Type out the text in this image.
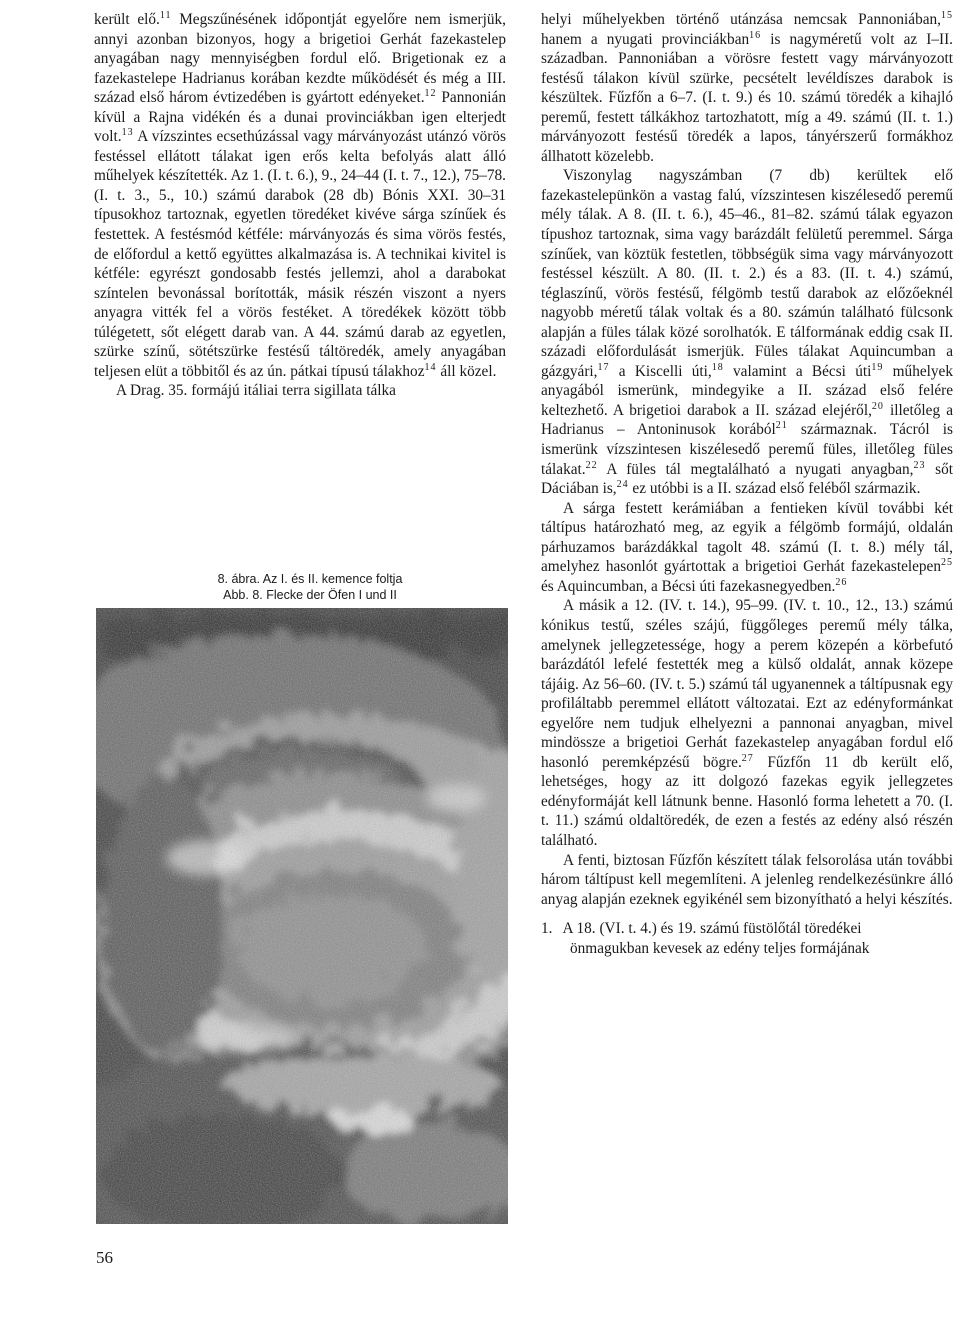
került elő.$^{11}$ Megszűnésének időpontját egyelőre nem ismerjük, annyi azonban bizonyos, hogy a brigetioi Gerhát fazekastelep anyagában nagy mennyiségben fordul elő. Brigetionak ez a fazekastelepe Hadrianus korában kezdte működését és még a III. század első három évtizedében is gyártott edényeket.$^{12}$ Pannonián kívül a Rajna vidékén és a dunai provinciákban igen elterjedt volt.$^{13}$ A vízszintes ecsethúzással vagy márványozást utánzó vörös festéssel ellátott tálakat igen erős kelta befolyás alatt álló műhelyek készítették. Az 1. (I. t. 6.), 9., 24–44 (I. t. 7., 12.), 75–78. (I. t. 3., 5., 10.) számú darabok (28 db) Bónis XXI. 30–31 típusokhoz tartoznak, egyetlen töredéket kivéve sárga színűek és festettek. A festésmód kétféle: márványozás és sima vörös festés, de előfordul a kettő együttes alkalmazása is. A technikai kivitel is kétféle: egyrészt gondosabb festés jellemzi, ahol a darabokat színtelen bevonással borították, másik részén viszont a nyers anyagra vitték fel a vörös festéket. A töredékek között több túlégetett, sőt elégett darab van. A 44. számú darab az egyetlen, szürke színű, sötétszürke festésű táltöredék, amely anyagában teljesen elüt a többitől és az ún. pátkai típusú tálakhoz$^{14}$ áll közel.

A Drag. 35. formájú itáliai terra sigillata tálka

8. ábra. Az I. és II. kemence foltja
Abb. 8. Flecke der Öfen I und II

helyi műhelyekben történő utánzása nemcsak Pannoniában,$^{15}$ hanem a nyugati provinciákban$^{16}$ is nagyméretű volt az I–II. században. Pannoniában a vörösre festett vagy márványozott festésű tálakon kívül szürke, pecsételt levéldíszes darabok is készültek. Fűzfőn a 6–7. (I. t. 9.) és 10. számú töredék a kihajló peremű, festett tálkákhoz tartozhatott, míg a 49. számú (II. t. 1.) márványozott festésű töredék a lapos, tányérszerű formákhoz állhatott közelebb.

Viszonylag nagyszámban (7 db) kerültek elő fazekastelepünkön a vastag falú, vízszintesen kiszélesedő peremű mély tálak. A 8. (II. t. 6.), 45–46., 81–82. számú tálak egyazon típushoz tartoznak, sima vagy barázdált felületű peremmel. Sárga színűek, van köztük festetlen, többségük sima vagy márványozott festéssel készült. A 80. (II. t. 2.) és a 83. (II. t. 4.) számú, téglaszínű, vörös festésű, félgömb testű darabok az előzőeknél nagyobb méretű tálak voltak és a 80. számún található fülcsonk alapján a füles tálak közé sorolhatók. E tálformának eddig csak II. századi előfordulását ismerjük. Füles tálakat Aquincumban a gázgyári,$^{17}$ a Kiscelli úti,$^{18}$ valamint a Bécsi úti$^{19}$ műhelyek anyagából ismerünk, mindegyike a II. század első felére keltezhető. A brigetioi darabok a II. század elejéről,$^{20}$ illetőleg a Hadrianus – Antoninusok korából$^{21}$ származnak. Tácról is ismerünk vízszintesen kiszélesedő peremű füles, illetőleg füles tálakat.$^{22}$ A füles tál megtalálható a nyugati anyagban,$^{23}$ sőt Dáciában is,$^{24}$ ez utóbbi is a II. század első feléből származik.

A sárga festett kerámiában a fentieken kívül további két táltípus határozható meg, az egyik a félgömb formájú, oldalán párhuzamos barázdákkal tagolt 48. számú (I. t. 8.) mély tál, amelyhez hasonlót gyártottak a brigetioi Gerhát fazekastelepen$^{25}$ és Aquincumban, a Bécsi úti fazekasnegyedben.$^{26}$

A másik a 12. (IV. t. 14.), 95–99. (IV. t. 10., 12., 13.) számú kónikus testű, széles szájú, függőleges peremű mély tálka, amelynek jellegzetessége, hogy a perem közepén a körbefutó barázdától lefelé festették meg a külső oldalát, annak közepe tájáig. Az 56–60. (IV. t. 5.) számú tál ugyanennek a táltípusnak egy profiláltabb peremmel ellátott változatai. Ezt az edényformánkat egyelőre nem tudjuk elhelyezni a pannonai anyagban, mivel mindössze a brigetioi Gerhát fazekastelep anyagában fordul elő hasonló peremképzésű bögre.$^{27}$ Fűzfőn 11 db került elő, lehetséges, hogy az itt dolgozó fazekas egyik jellegzetes edényformáját kell látnunk benne. Hasonló forma lehetett a 70. (I. t. 11.) számú oldaltöredék, de ezen a festés az edény alsó részén található.

A fenti, biztosan Fűzfőn készített tálak felsorolása után további három táltípust kell megemlíteni. A jelenleg rendelkezésünkre álló anyag alapján ezeknek egyikénél sem bizonyítható a helyi készítés.

1. A 18. (VI. t. 4.) és 19. számú füstölőtál töredékei
önmagukban kevesek az edény teljes formájának

56
